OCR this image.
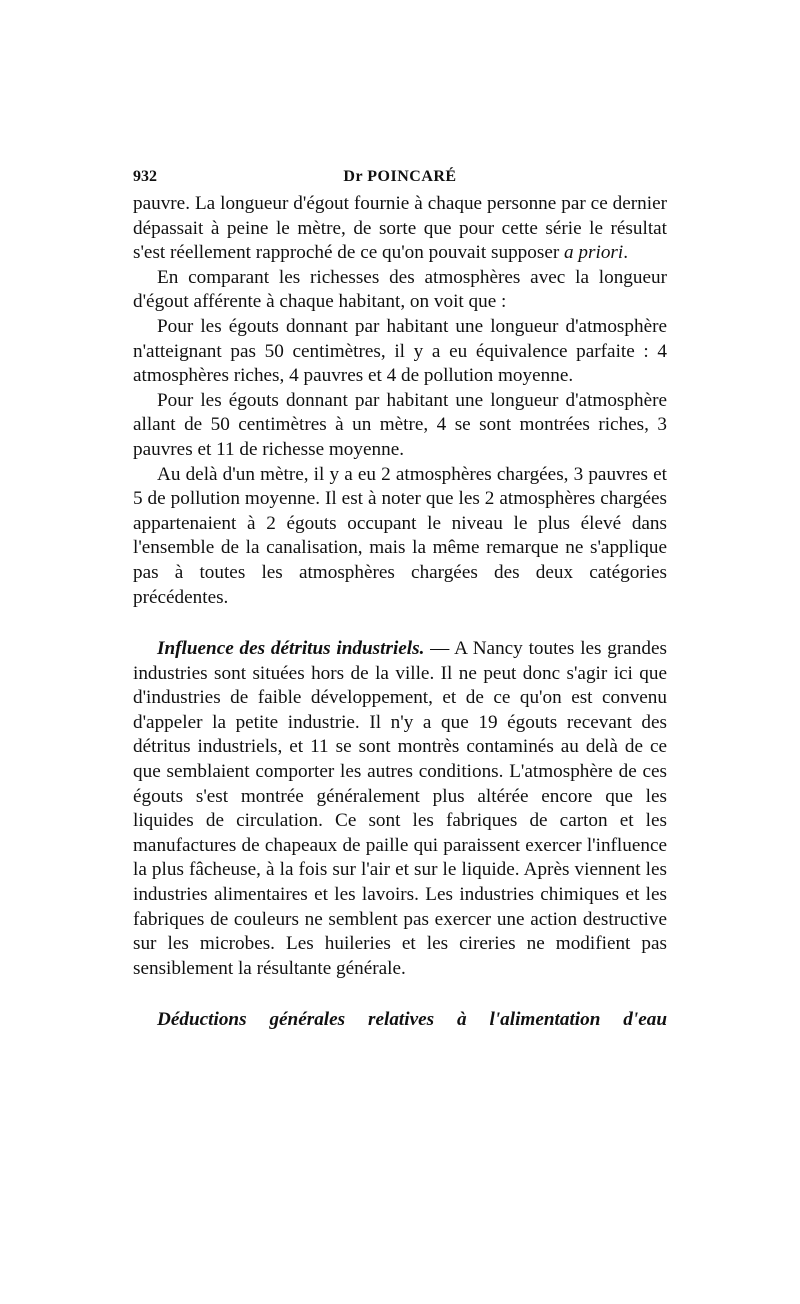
932	Dr POINCARÉ

pauvre. La longueur d'égout fournie à chaque personne par ce dernier dépassait à peine le mètre, de sorte que pour cette série le résultat s'est réellement rapproché de ce qu'on pouvait supposer a priori.

En comparant les richesses des atmosphères avec la longueur d'égout afférente à chaque habitant, on voit que :

Pour les égouts donnant par habitant une longueur d'atmosphère n'atteignant pas 50 centimètres, il y a eu équivalence parfaite : 4 atmosphères riches, 4 pauvres et 4 de pollution moyenne.

Pour les égouts donnant par habitant une longueur d'atmosphère allant de 50 centimètres à un mètre, 4 se sont montrées riches, 3 pauvres et 11 de richesse moyenne.

Au delà d'un mètre, il y a eu 2 atmosphères chargées, 3 pauvres et 5 de pollution moyenne. Il est à noter que les 2 atmosphères chargées appartenaient à 2 égouts occupant le niveau le plus élevé dans l'ensemble de la canalisation, mais la même remarque ne s'applique pas à toutes les atmosphères chargées des deux catégories précédentes.

Influence des détritus industriels. — A Nancy toutes les grandes industries sont situées hors de la ville. Il ne peut donc s'agir ici que d'industries de faible développement, et de ce qu'on est convenu d'appeler la petite industrie. Il n'y a que 19 égouts recevant des détritus industriels, et 11 se sont montrès contaminés au delà de ce que semblaient comporter les autres conditions. L'atmosphère de ces égouts s'est montrée généralement plus altérée encore que les liquides de circulation. Ce sont les fabriques de carton et les manufactures de chapeaux de paille qui paraissent exercer l'influence la plus fâcheuse, à la fois sur l'air et sur le liquide. Après viennent les industries alimentaires et les lavoirs. Les industries chimiques et les fabriques de couleurs ne semblent pas exercer une action destructive sur les microbes. Les huileries et les cireries ne modifient pas sensiblement la résultante générale.

Déductions générales relatives à l'alimentation d'eau
